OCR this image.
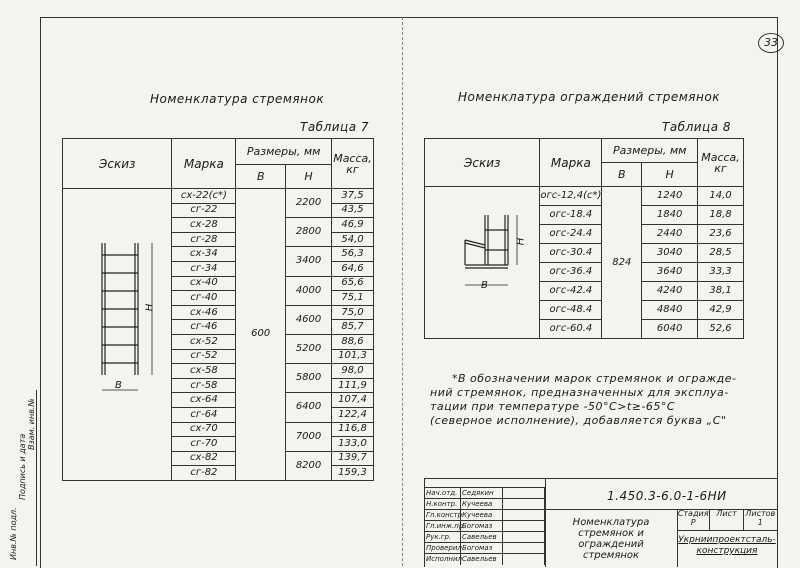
33
Инв.№ подл.
Подпись и дата
Взам. инв.№
Номенклатура стремянок
Таблица 7
Эскиз	Марка	Размеры, мм		Масса,
кг
		В	Н	
	сх-22(с*)	600	2200	37,5
	сг-22			43,5
	сх-28		2800	46,9
	сг-28			54,0
	сх-34		3400	56,3
	сг-34			64,6
	сх-40		4000	65,6
	сг-40			75,1
	сх-46		4600	75,0
	сг-46			85,7
	сх-52		5200	88,6
	сг-52			101,3
	сх-58		5800	98,0
	сг-58			111,9
	сх-64		6400	107,4
	сг-64			122,4
	сх-70		7000	116,8
	сг-70			133,0
	сх-82		8200	139,7
	сг-82			159,3
Н
В
Номенклатура ограждений стремянок
Таблица 8
Эскиз	Марка	Размеры, мм		Масса,
кг
		В	Н	
	огс-12,4(с*)	824	1240	14,0
	огс-18.4		1840	18,8
	огс-24.4		2440	23,6
	огс-30.4		3040	28,5
	огс-36.4		3640	33,3
	огс-42.4		4240	38,1
	огс-48.4		4840	42,9
	огс-60.4		6040	52,6
Н
В
*В обозначении марок стремянок и огражде-
ний стремянок, предназначенных для эксплуа-
тации при температуре -50°С>t≥-65°С
(северное исполнение), добавляется буква „С"
Нач.отд. Седякин
Н.контр. Кучеева
Гл.констр.
Кучеева
Гл.инж.пр.
Богомаз
Рук.гр.	Савельев
Проверил Богомаз
Исполнил Савельев
1.450.3-6.0-1-6НИ
Номенклатура
стремянок и ограждений
стремянок
Стадия
Р
Лист	Листов
1
Укрниипроектсталь-
конструкция
